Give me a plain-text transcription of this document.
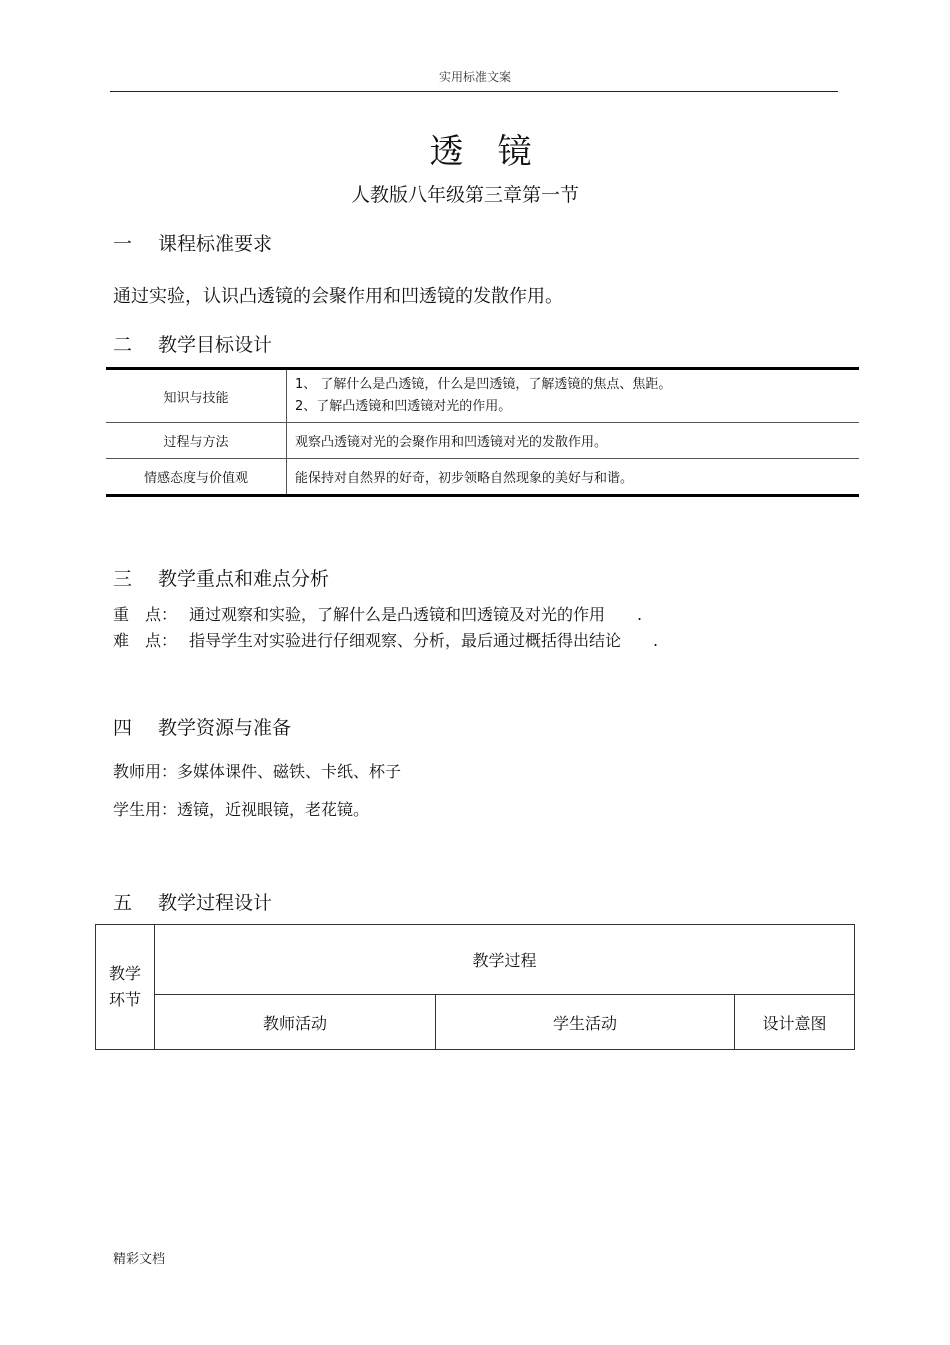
实用标准文案
透镜
人教版八年级第三章第一节
一 课程标准要求
通过实验，认识凸透镜的会聚作用和凹透镜的发散作用。
二 教学目标设计
知识与技能	1、 了解什么是凸透镜，什么是凹透镜，了解透镜的焦点、焦距。
2、了解凸透镜和凹透镜对光的作用。

过程与方法	观察凸透镜对光的会聚作用和凹透镜对光的发散作用。
情感态度与价值观	能保持对自然界的好奇，初步领略自然现象的美好与和谐。
三 教学重点和难点分析
重　点： 通过观察和实验，了解什么是凸透镜和凹透镜及对光的作用　　.
难　点： 指导学生对实验进行仔细观察、分析，最后通过概括得出结论　　.
四 教学资源与准备
教师用：多媒体课件、磁铁、卡纸、杯子
学生用：透镜，近视眼镜，老花镜。
五 教学过程设计
教学
环节	教学过程		
	教师活动	学生活动	设计意图
精彩文档
